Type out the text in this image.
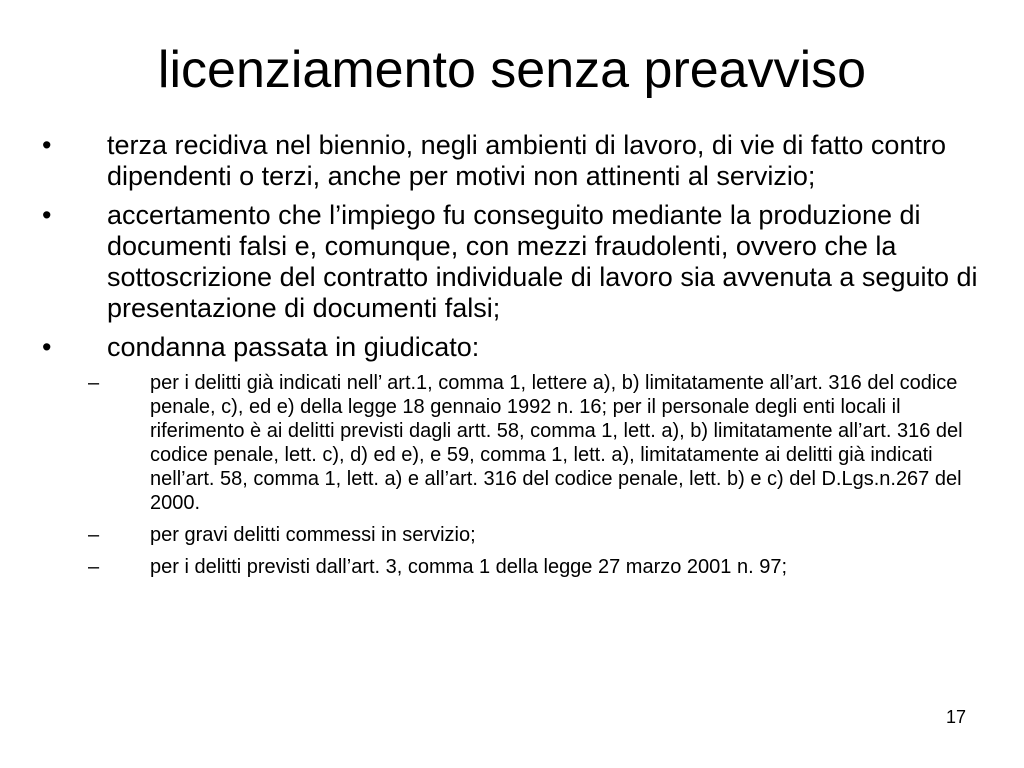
licenziamento senza preavviso
• terza recidiva nel biennio, negli ambienti di lavoro, di vie di fatto contro dipendenti o terzi, anche per motivi non attinenti al servizio;
• accertamento che l’impiego fu conseguito mediante la produzione di documenti falsi e, comunque, con mezzi fraudolenti, ovvero che la sottoscrizione del contratto individuale di lavoro sia avvenuta a seguito di presentazione di documenti falsi;
• condanna passata in giudicato:
–	per i delitti già indicati nell’ art.1, comma 1, lettere a), b) limitatamente all’art. 316 del codice penale, c), ed e) della legge 18 gennaio 1992 n. 16; per il personale degli enti locali il riferimento è ai delitti previsti dagli artt. 58, comma 1, lett. a), b) limitatamente all’art. 316 del codice penale, lett. c), d) ed e), e 59, comma 1, lett. a), limitatamente ai delitti già indicati nell’art. 58, comma 1, lett. a) e all’art. 316 del codice penale, lett. b) e c) del D.Lgs.n.267 del 2000.
–	per gravi delitti commessi in servizio;
–	per i delitti previsti dall’art. 3, comma 1 della legge 27 marzo 2001 n. 97;
17
